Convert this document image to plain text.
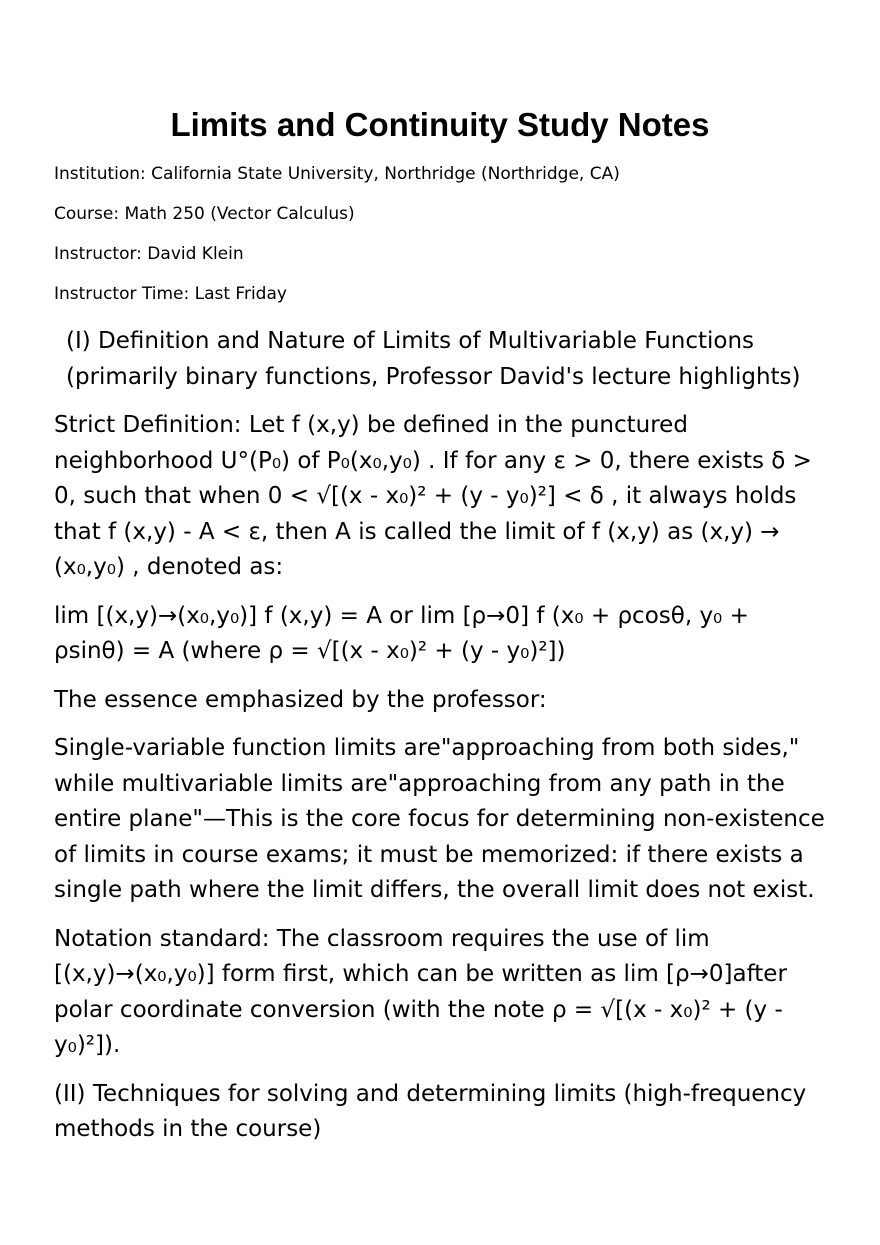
Limits and Continuity Study Notes

Institution: California State University, Northridge (Northridge, CA)

Course: Math 250 (Vector Calculus)

Instructor: David Klein

Instructor Time: Last Friday

(I) Definition and Nature of Limits of Multivariable Functions (primarily binary functions, Professor David's lecture highlights)

Strict Definition: Let f (x,y) be defined in the punctured neighborhood U°(P₀) of P₀(x₀,y₀) . If for any ε > 0, there exists δ > 0, such that when 0 < √[(x - x₀)² + (y - y₀)²] < δ , it always holds that f (x,y) - A < ε, then A is called the limit of f (x,y) as (x,y) → (x₀,y₀) , denoted as:

lim [(x,y)→(x₀,y₀)] f (x,y) = A or lim [ρ→0] f (x₀ + ρcosθ, y₀ + ρsinθ) = A (where ρ = √[(x - x₀)² + (y - y₀)²])

The essence emphasized by the professor:

Single-variable function limits are"approaching from both sides," while multivariable limits are"approaching from any path in the entire plane"—This is the core focus for determining non-existence of limits in course exams; it must be memorized: if there exists a single path where the limit differs, the overall limit does not exist.

Notation standard: The classroom requires the use of lim [(x,y)→(x₀,y₀)] form first, which can be written as lim [ρ→0]after polar coordinate conversion (with the note ρ = √[(x - x₀)² + (y - y₀)²]).

(II) Techniques for solving and determining limits (high-frequency methods in the course)
